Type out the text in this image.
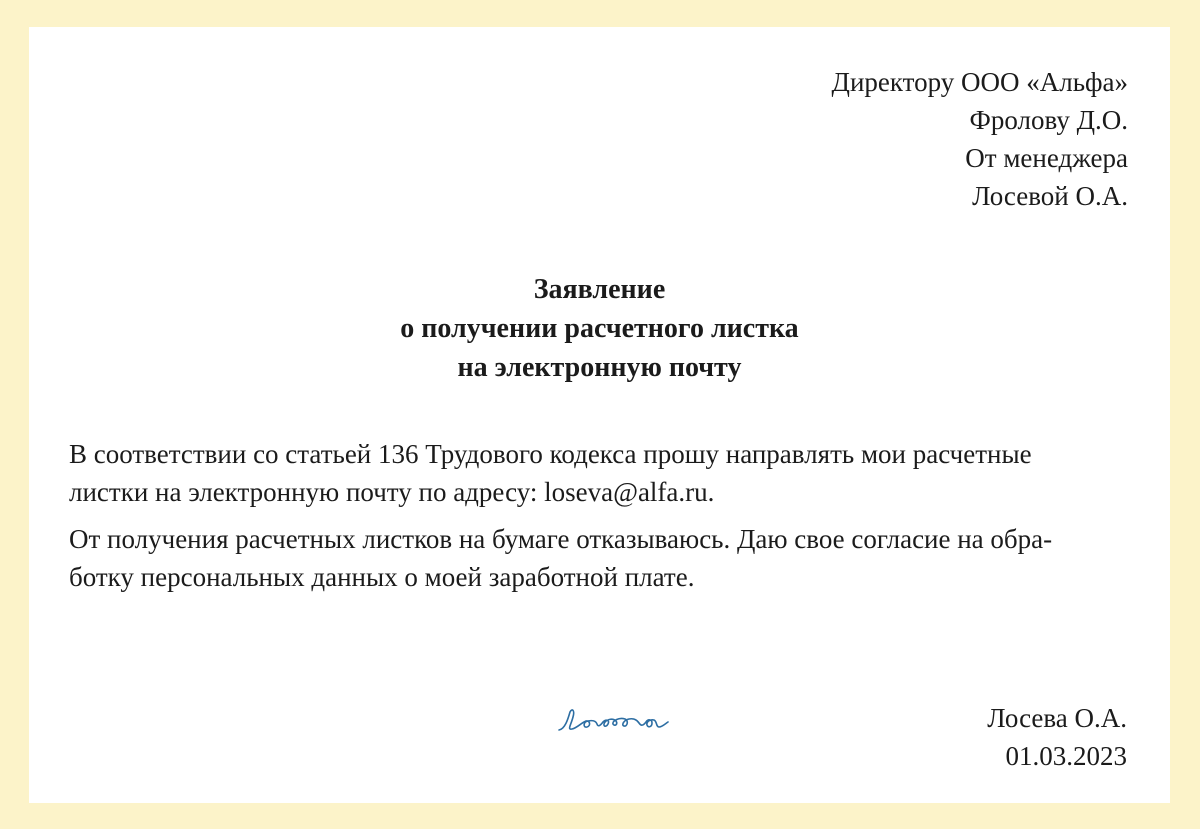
Директору ООО «Альфа»
Фролову Д.О.
От менеджера
Лосевой О.А.
Заявление
о получении расчетного листка
на электронную почту

В соответствии со статьей 136 Трудового кодекса прошу направлять мои расчетные
листки на электронную почту по адресу: loseva@alfa.ru.

От получения расчетных листков на бумаге отказываюсь. Даю свое согласие на обра-
ботку персональных данных о моей заработной плате.

Лосева О.А.
01.03.2023
